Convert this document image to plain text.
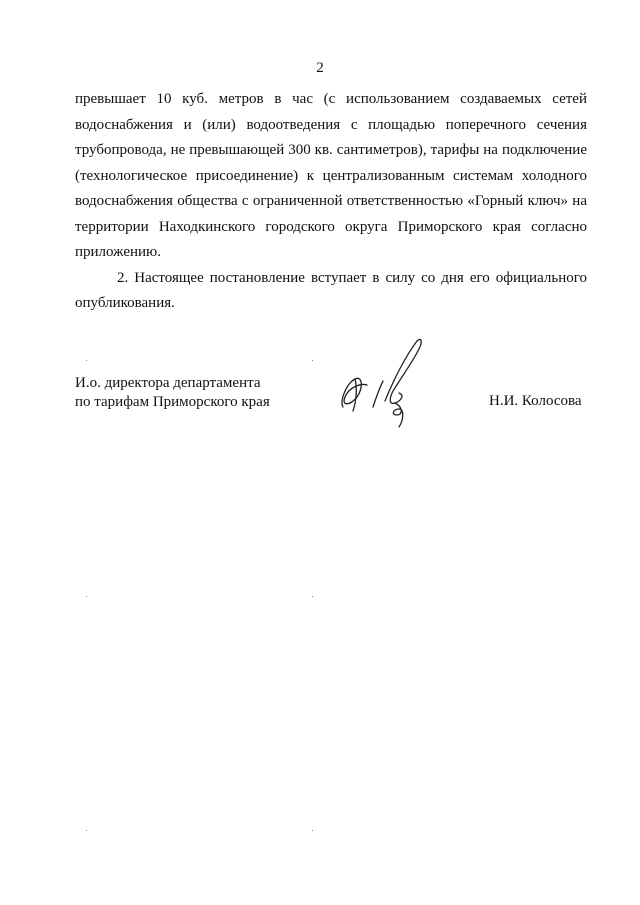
2

превышает 10 куб. метров в час (с использованием создаваемых сетей водоснабжения и (или) водоотведения с площадью поперечного сечения трубопровода, не превышающей 300 кв. сантиметров), тарифы на подключение (технологическое присоединение) к централизованным системам холодного водоснабжения общества с ограниченной ответственностью «Горный ключ» на территории Находкинского городского округа Приморского края согласно приложению.

2. Настоящее постановление вступает в силу со дня его официального опубликования.

И.о. директора департамента
по тарифам Приморского края	Н.И. Колосова
